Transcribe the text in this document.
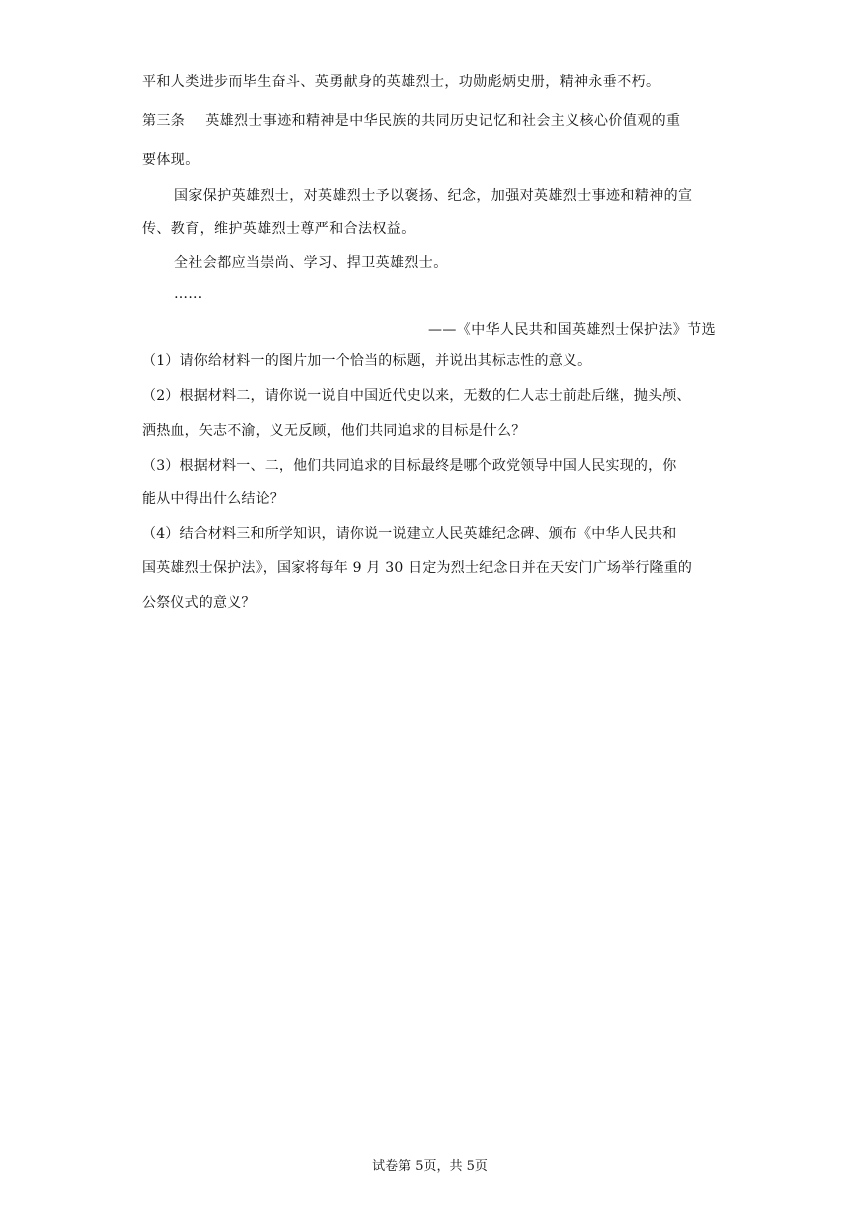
平和人类进步而毕生奋斗、英勇献身的英雄烈士，功勋彪炳史册，精神永垂不朽。
第三条 英雄烈士事迹和精神是中华民族的共同历史记忆和社会主义核心价值观的重
要体现。
国家保护英雄烈士，对英雄烈士予以褒扬、纪念，加强对英雄烈士事迹和精神的宣
传、教育，维护英雄烈士尊严和合法权益。
全社会都应当崇尚、学习、捍卫英雄烈士。
……
——《中华人民共和国英雄烈士保护法》节选
（1）请你给材料一的图片加一个恰当的标题，并说出其标志性的意义。
（2）根据材料二，请你说一说自中国近代史以来，无数的仁人志士前赴后继，抛头颅、
洒热血，矢志不渝，义无反顾，他们共同追求的目标是什么？
（3）根据材料一、二，他们共同追求的目标最终是哪个政党领导中国人民实现的，你
能从中得出什么结论？
（4）结合材料三和所学知识，请你说一说建立人民英雄纪念碑、颁布《中华人民共和
国英雄烈士保护法》，国家将每年 9 月 30 日定为烈士纪念日并在天安门广场举行隆重的
公祭仪式的意义？
试卷第 5页，共 5页
